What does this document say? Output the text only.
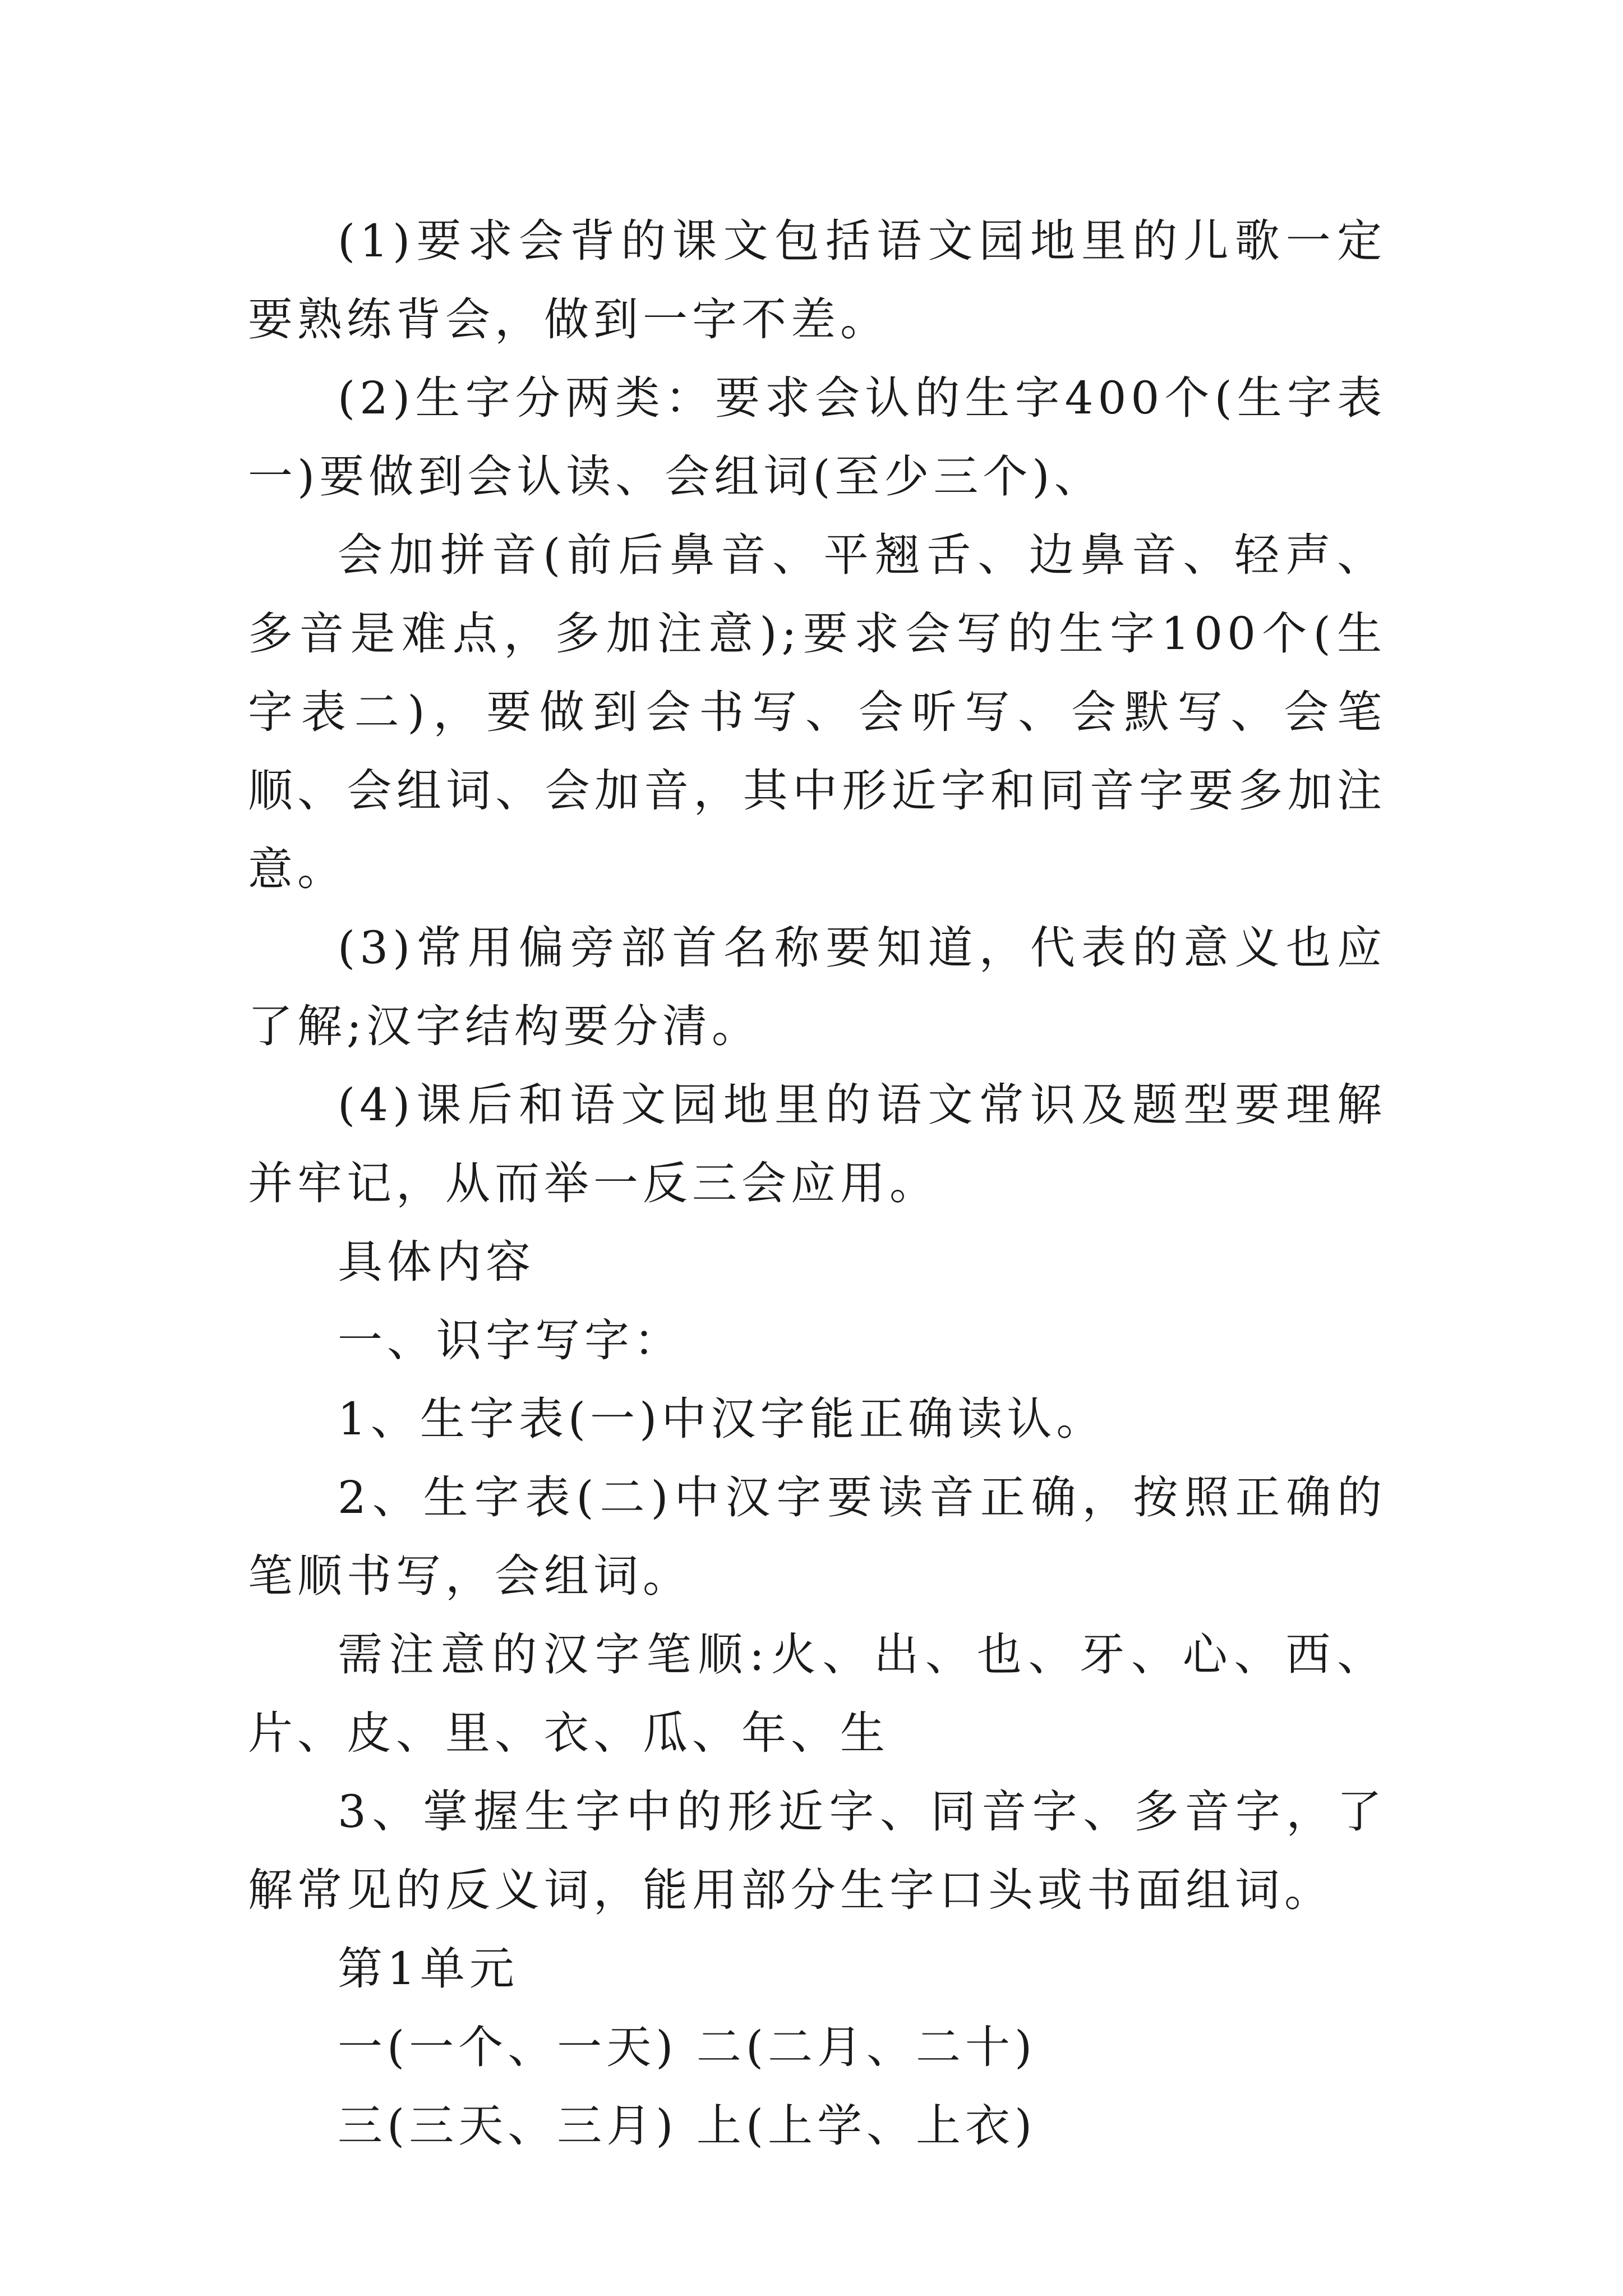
(1)要求会背的课文包括语文园地里的儿歌一定要熟练背会，做到一字不差。

(2)生字分两类：要求会认的生字400个(生字表一)要做到会认读、会组词(至少三个)、

会加拼音(前后鼻音、平翘舌、边鼻音、轻声、多音是难点，多加注意);要求会写的生字100个(生字表二)，要做到会书写、会听写、会默写、会笔顺、会组词、会加音，其中形近字和同音字要多加注意。

(3)常用偏旁部首名称要知道，代表的意义也应了解;汉字结构要分清。

(4)课后和语文园地里的语文常识及题型要理解并牢记，从而举一反三会应用。

具体内容

一、识字写字：

1、生字表(一)中汉字能正确读认。

2、生字表(二)中汉字要读音正确，按照正确的笔顺书写，会组词。

需注意的汉字笔顺:火、出、也、牙、心、西、片、皮、里、衣、瓜、年、生

3、掌握生字中的形近字、同音字、多音字，了解常见的反义词，能用部分生字口头或书面组词。

第1单元

一(一个、一天) 二(二月、二十)

三(三天、三月) 上(上学、上衣)
